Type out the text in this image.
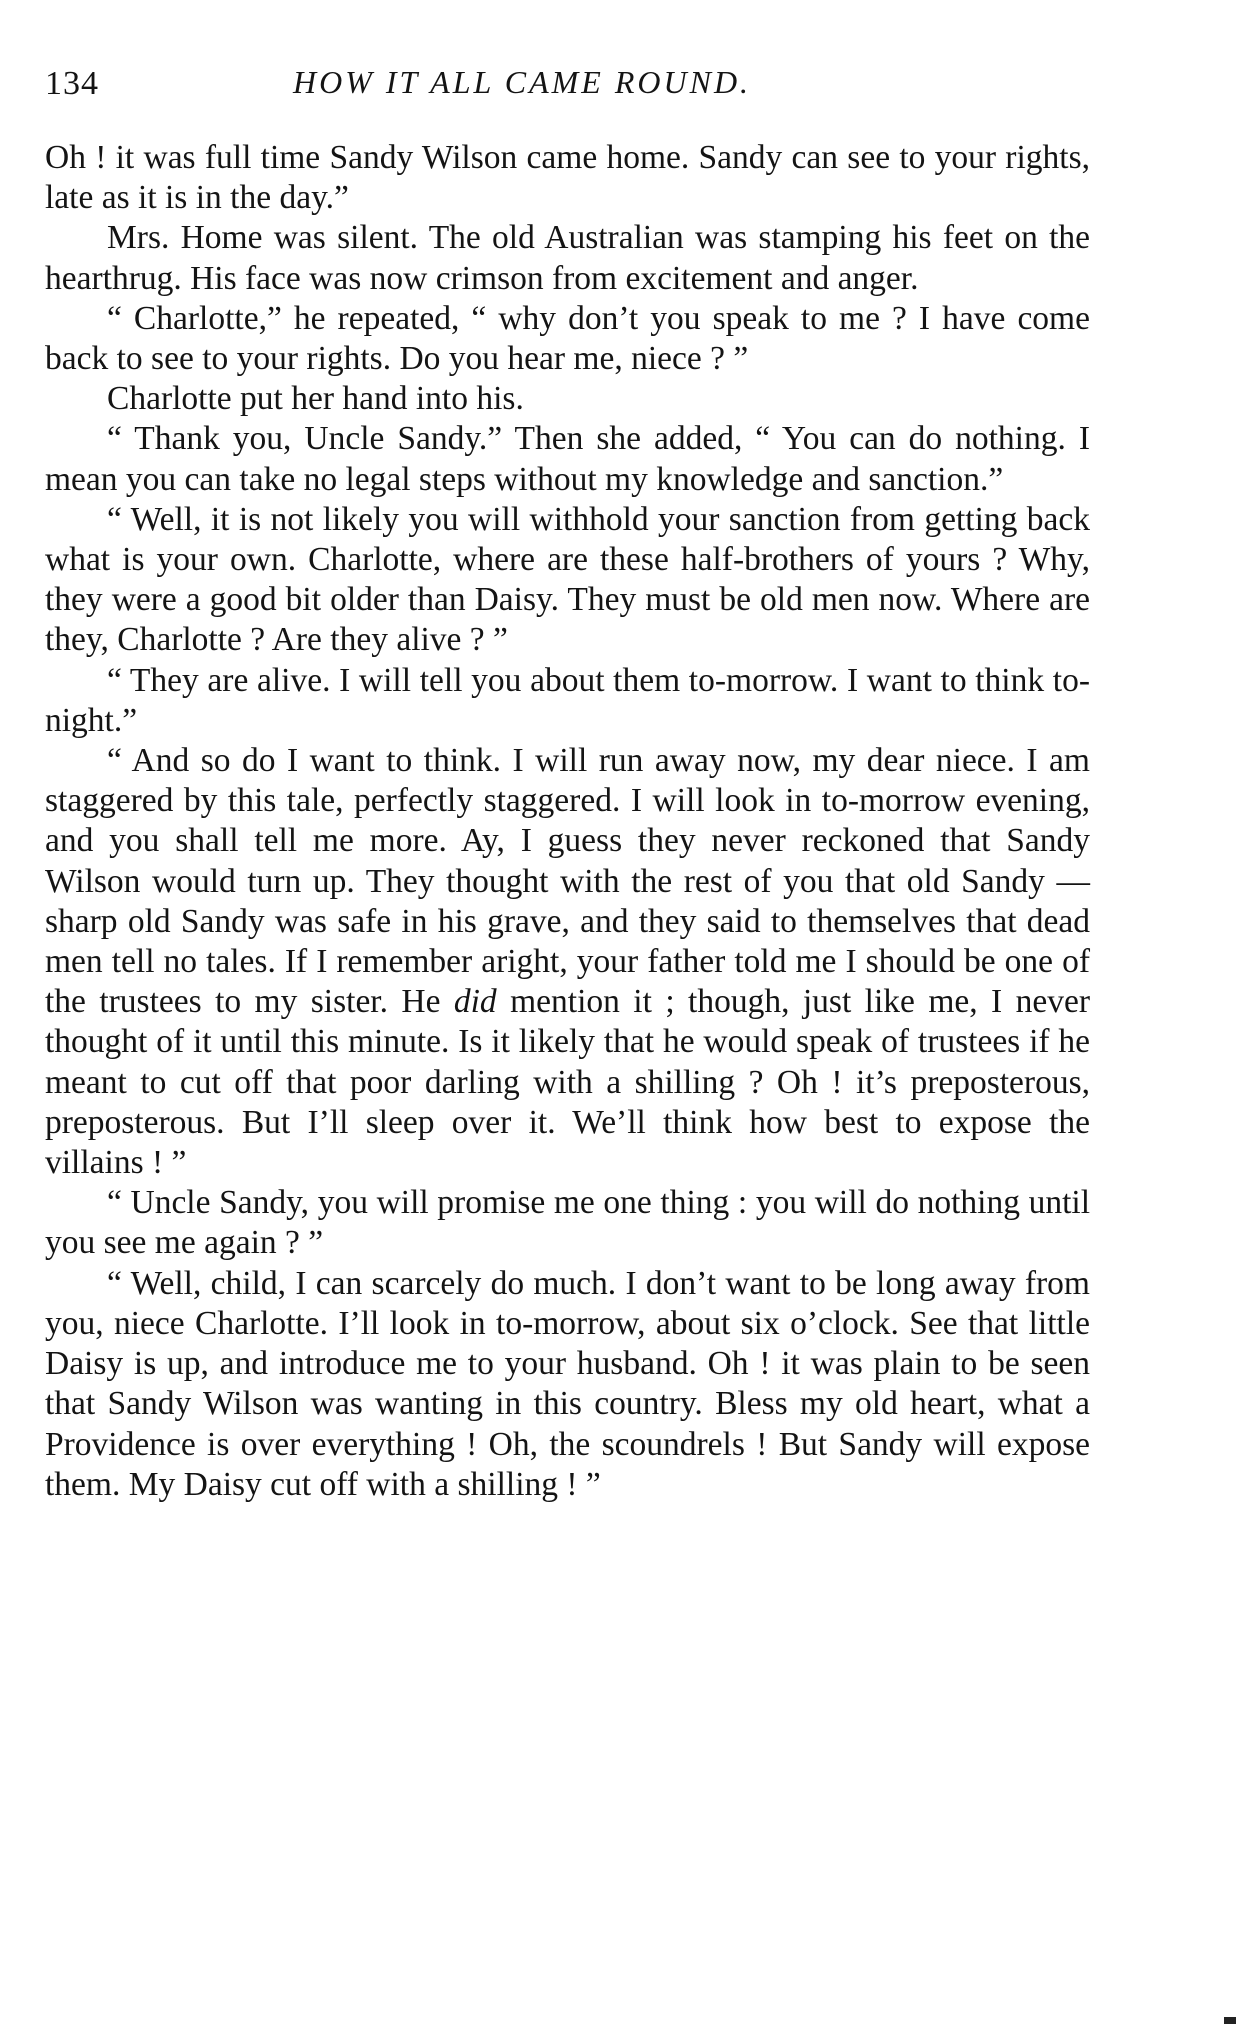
134	HOW IT ALL CAME ROUND.

Oh ! it was full time Sandy Wilson came home. Sandy can see to your rights, late as it is in the day.”

Mrs. Home was silent. The old Australian was stamping his feet on the hearthrug. His face was now crimson from excitement and anger.

“ Charlotte,” he repeated, “ why don’t you speak to me ? I have come back to see to your rights. Do you hear me, niece ? ”

Charlotte put her hand into his.

“ Thank you, Uncle Sandy.” Then she added, “ You can do nothing. I mean you can take no legal steps without my knowledge and sanction.”

“ Well, it is not likely you will withhold your sanction from getting back what is your own. Charlotte, where are these half-brothers of yours ? Why, they were a good bit older than Daisy. They must be old men now. Where are they, Charlotte ? Are they alive ? ”

“ They are alive. I will tell you about them to-morrow. I want to think to-night.”

“ And so do I want to think. I will run away now, my dear niece. I am staggered by this tale, perfectly staggered. I will look in to-morrow evening, and you shall tell me more. Ay, I guess they never reckoned that Sandy Wilson would turn up. They thought with the rest of you that old Sandy —sharp old Sandy was safe in his grave, and they said to themselves that dead men tell no tales. If I remember aright, your father told me I should be one of the trustees to my sister. He did mention it ; though, just like me, I never thought of it until this minute. Is it likely that he would speak of trustees if he meant to cut off that poor darling with a shilling ? Oh ! it’s preposterous, preposterous. But I’ll sleep over it. We’ll think how best to expose the villains ! ”

“ Uncle Sandy, you will promise me one thing : you will do nothing until you see me again ? ”

“ Well, child, I can scarcely do much. I don’t want to be long away from you, niece Charlotte. I’ll look in to-morrow, about six o’clock. See that little Daisy is up, and introduce me to your husband. Oh ! it was plain to be seen that Sandy Wilson was wanting in this country. Bless my old heart, what a Providence is over everything ! Oh, the scoundrels ! But Sandy will expose them. My Daisy cut off with a shilling ! ”
